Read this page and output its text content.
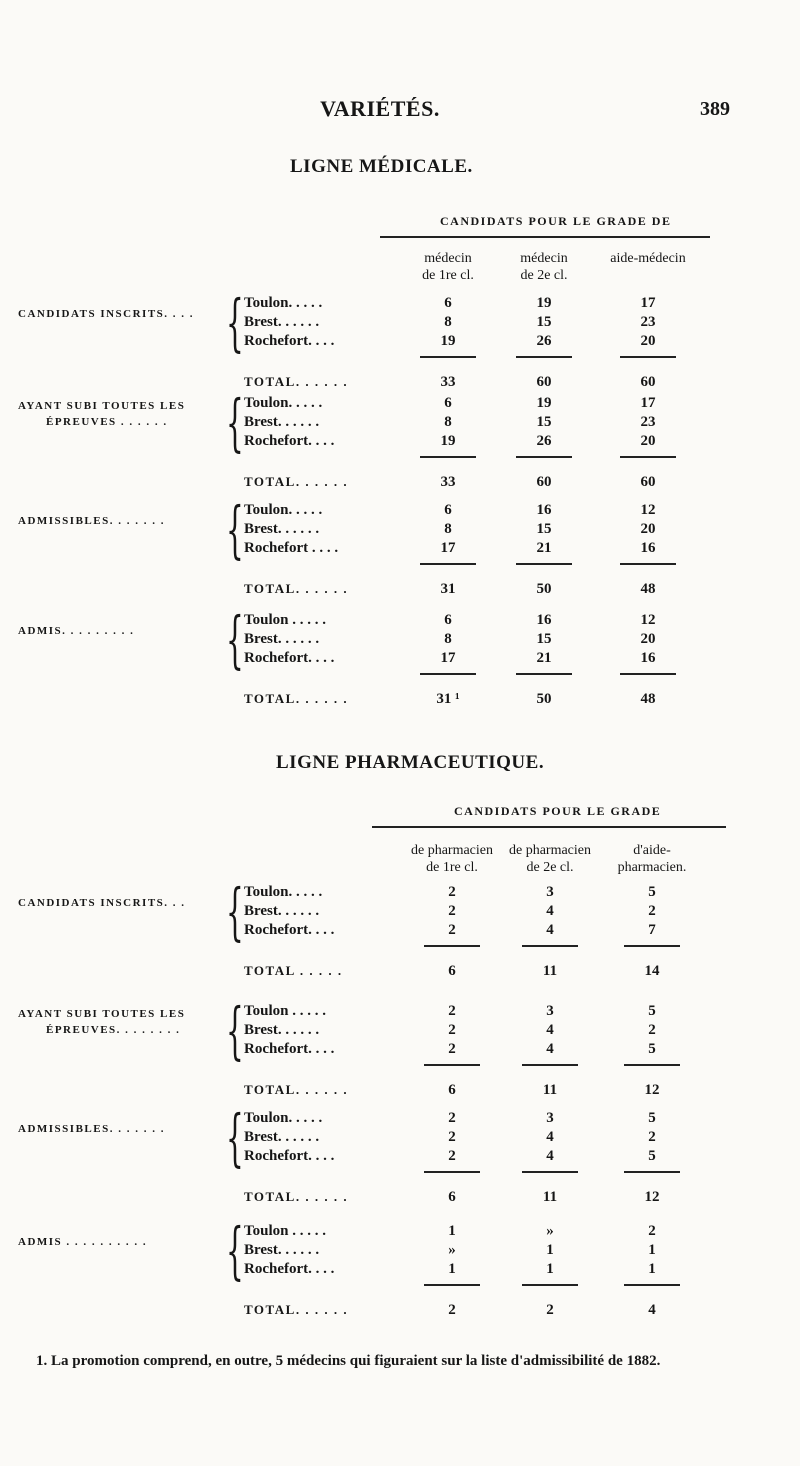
VARIÉTÉS.	389
LIGNE MÉDICALE.
CANDIDATS POUR LE GRADE DE
médecin
de 1re cl.
médecin
de 2e cl.
aide-médecin
CANDIDATS INSCRITS. . . . { Toulon. . . . .	6	19	17
Brest. . . . . .	8	15	23
Rochefort. . . .	19	26	20
TOTAL. . . . . .	33	60	60
AYANT SUBI TOUTES LES
ÉPREUVES . . . . . . { Toulon. . . . .	6	19	17
Brest. . . . . .	8	15	23
Rochefort. . . .	19	26	20
TOTAL. . . . . .	33	60	60
ADMISSIBLES. . . . . . . { Toulon. . . . .	6	16	12
Brest. . . . . .	8	15	20
Rochefort . . . .	17	21	16
TOTAL. . . . . .	31	50	48
ADMIS. . . . . . . . . { Toulon . . . . .	6	16	12
Brest. . . . . .	8	15	20
Rochefort. . . .	17	21	16
TOTAL. . . . . .	31 ¹	50	48
LIGNE PHARMACEUTIQUE.
CANDIDATS POUR LE GRADE
de pharmacien
de 1re cl.
de pharmacien
de 2e cl.
d'aide-
pharmacien.
CANDIDATS INSCRITS. . . { Toulon. . . . .	2	3	5
Brest. . . . . .	2	4	2
Rochefort. . . .	2	4	7
TOTAL . . . . .	6	11	14
AYANT SUBI TOUTES LES
ÉPREUVES. . . . . . . . { Toulon . . . . .	2	3	5
Brest. . . . . .	2	4	2
Rochefort. . . .	2	4	5
TOTAL. . . . . .	6	11	12
ADMISSIBLES. . . . . . . { Toulon. . . . .	2	3	5
Brest. . . . . .	2	4	2
Rochefort. . . .	2	4	5
TOTAL. . . . . .	6	11	12
ADMIS . . . . . . . . . . { Toulon . . . . .	1	»	2
Brest. . . . . .	»	1	1
Rochefort. . . .	1	1	1
TOTAL. . . . . .	2	2	4
1. La promotion comprend, en outre, 5 médecins qui figuraient sur la liste d'admissibilité de 1882.
